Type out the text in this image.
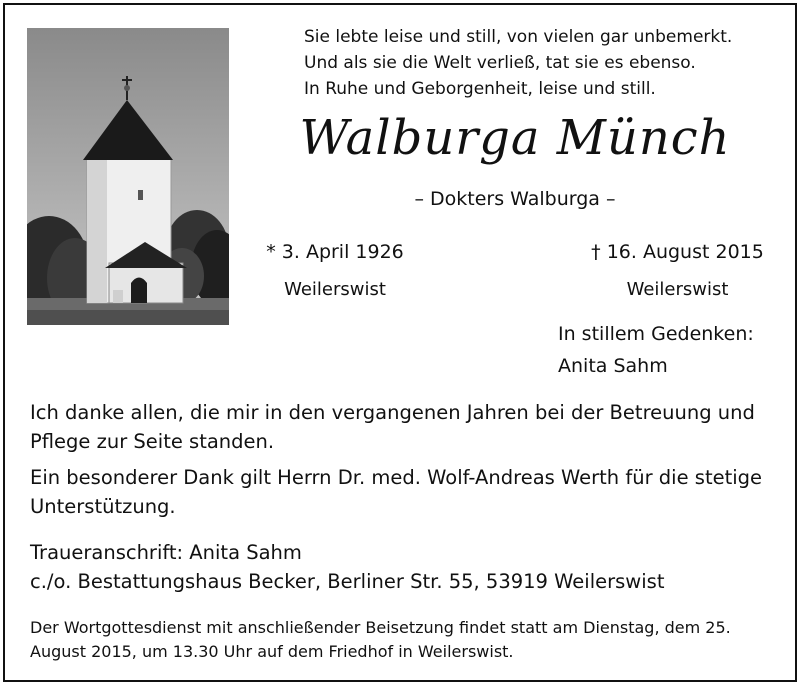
Sie lebte leise und still, von vielen gar unbemerkt.
Und als sie die Welt verließ, tat sie es ebenso.
In Ruhe und Geborgenheit, leise und still.
Walburga Münch
– Dokters Walburga –
* 3. April 1926
Weilerswist
† 16. August 2015
Weilerswist
In stillem Gedenken:
Anita Sahm
Ich danke allen, die mir in den vergangenen Jahren bei der Betreuung und Pflege zur Seite standen.
Ein besonderer Dank gilt Herrn Dr. med. Wolf-Andreas Werth für die stetige Unterstützung.
Traueranschrift: Anita Sahm
c./o. Bestattungshaus Becker, Berliner Str. 55, 53919 Weilerswist
Der Wortgottesdienst mit anschließender Beisetzung findet statt am Dienstag, dem 25. August 2015, um 13.30 Uhr auf dem Friedhof in Weilerswist.
